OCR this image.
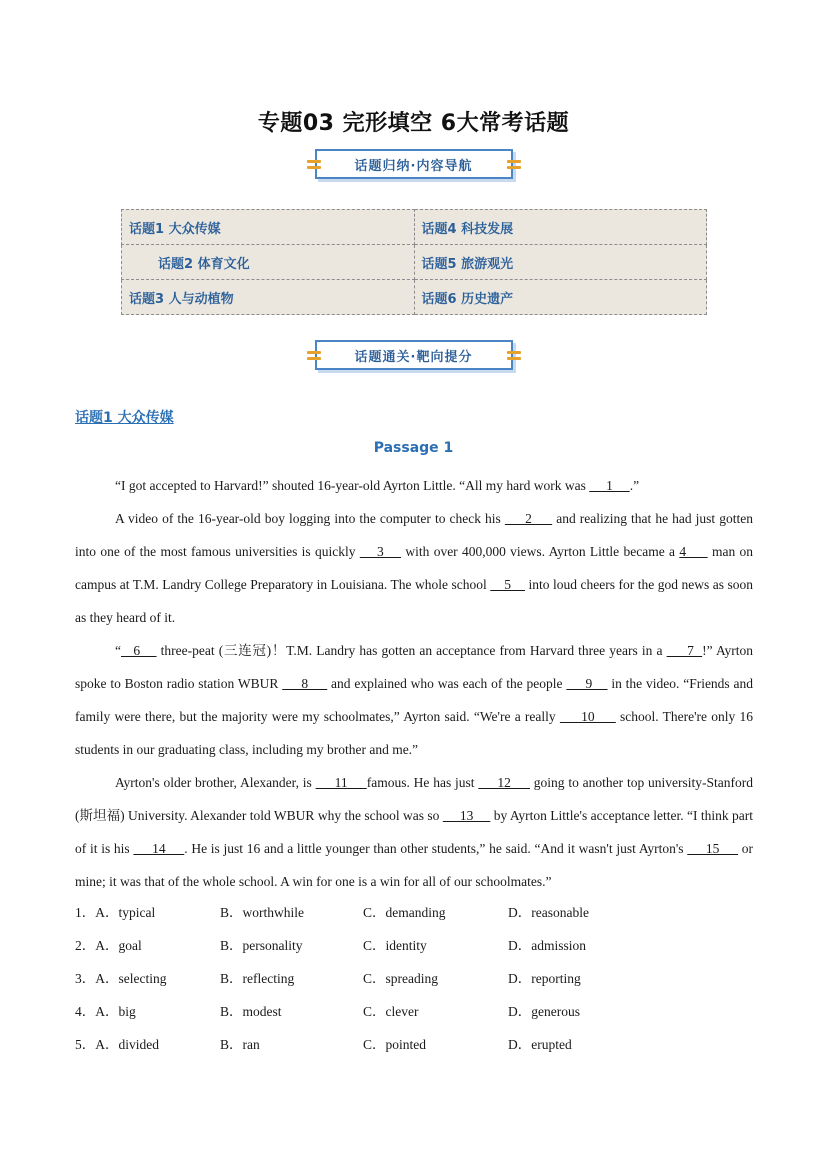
专题03 完形填空 6大常考话题
话题归纳·内容导航
话题1 大众传媒	话题4 科技发展
话题2 体育文化	话题5 旅游观光
话题3 人与动植物	话题6 历史遗产
话题通关·靶向提分
话题1 大众传媒
Passage 1

“I got accepted to Harvard!” shouted 16-year-old Ayrton Little. “All my hard work was      1     .”

A video of the 16-year-old boy logging into the computer to check his      2      and realizing that he had just gotten into one of the most famous universities is quickly     3     with over 400,000 views. Ayrton Little became a 4      man on campus at T.M. Landry College Preparatory in Louisiana. The whole school     5     into loud cheers for the god news as soon as they heard of it.

“   6     three-peat (三连冠)！T.M. Landry has gotten an acceptance from Harvard three years in a      7  !” Ayrton spoke to Boston radio station WBUR      8      and explained who was each of the people      9     in the video. “Friends and family were there, but the majority were my schoolmates,” Ayrton said. “We're a really      10      school. There're only 16 students in our graduating class, including my brother and me.”

Ayrton's older brother, Alexander, is      11     famous. He has just      12      going to another top university-Stanford (斯坦福) University. Alexander told WBUR why the school was so      13      by Ayrton Little's acceptance letter. “I think part of it is his      14     . He is just 16 and a little younger than other students,” he said. “And it wasn't just Ayrton's      15      or mine; it was that of the whole school. A win for one is a win for all of our schoolmates.”

1．A．typical	B．worthwhile	C．demanding	D．reasonable
2．A．goal	B．personality	C．identity	D．admission
3．A．selecting	B．reflecting	C．spreading	D．reporting
4．A．big	B．modest	C．clever	D．generous
5．A．divided	B．ran	C．pointed	D．erupted
